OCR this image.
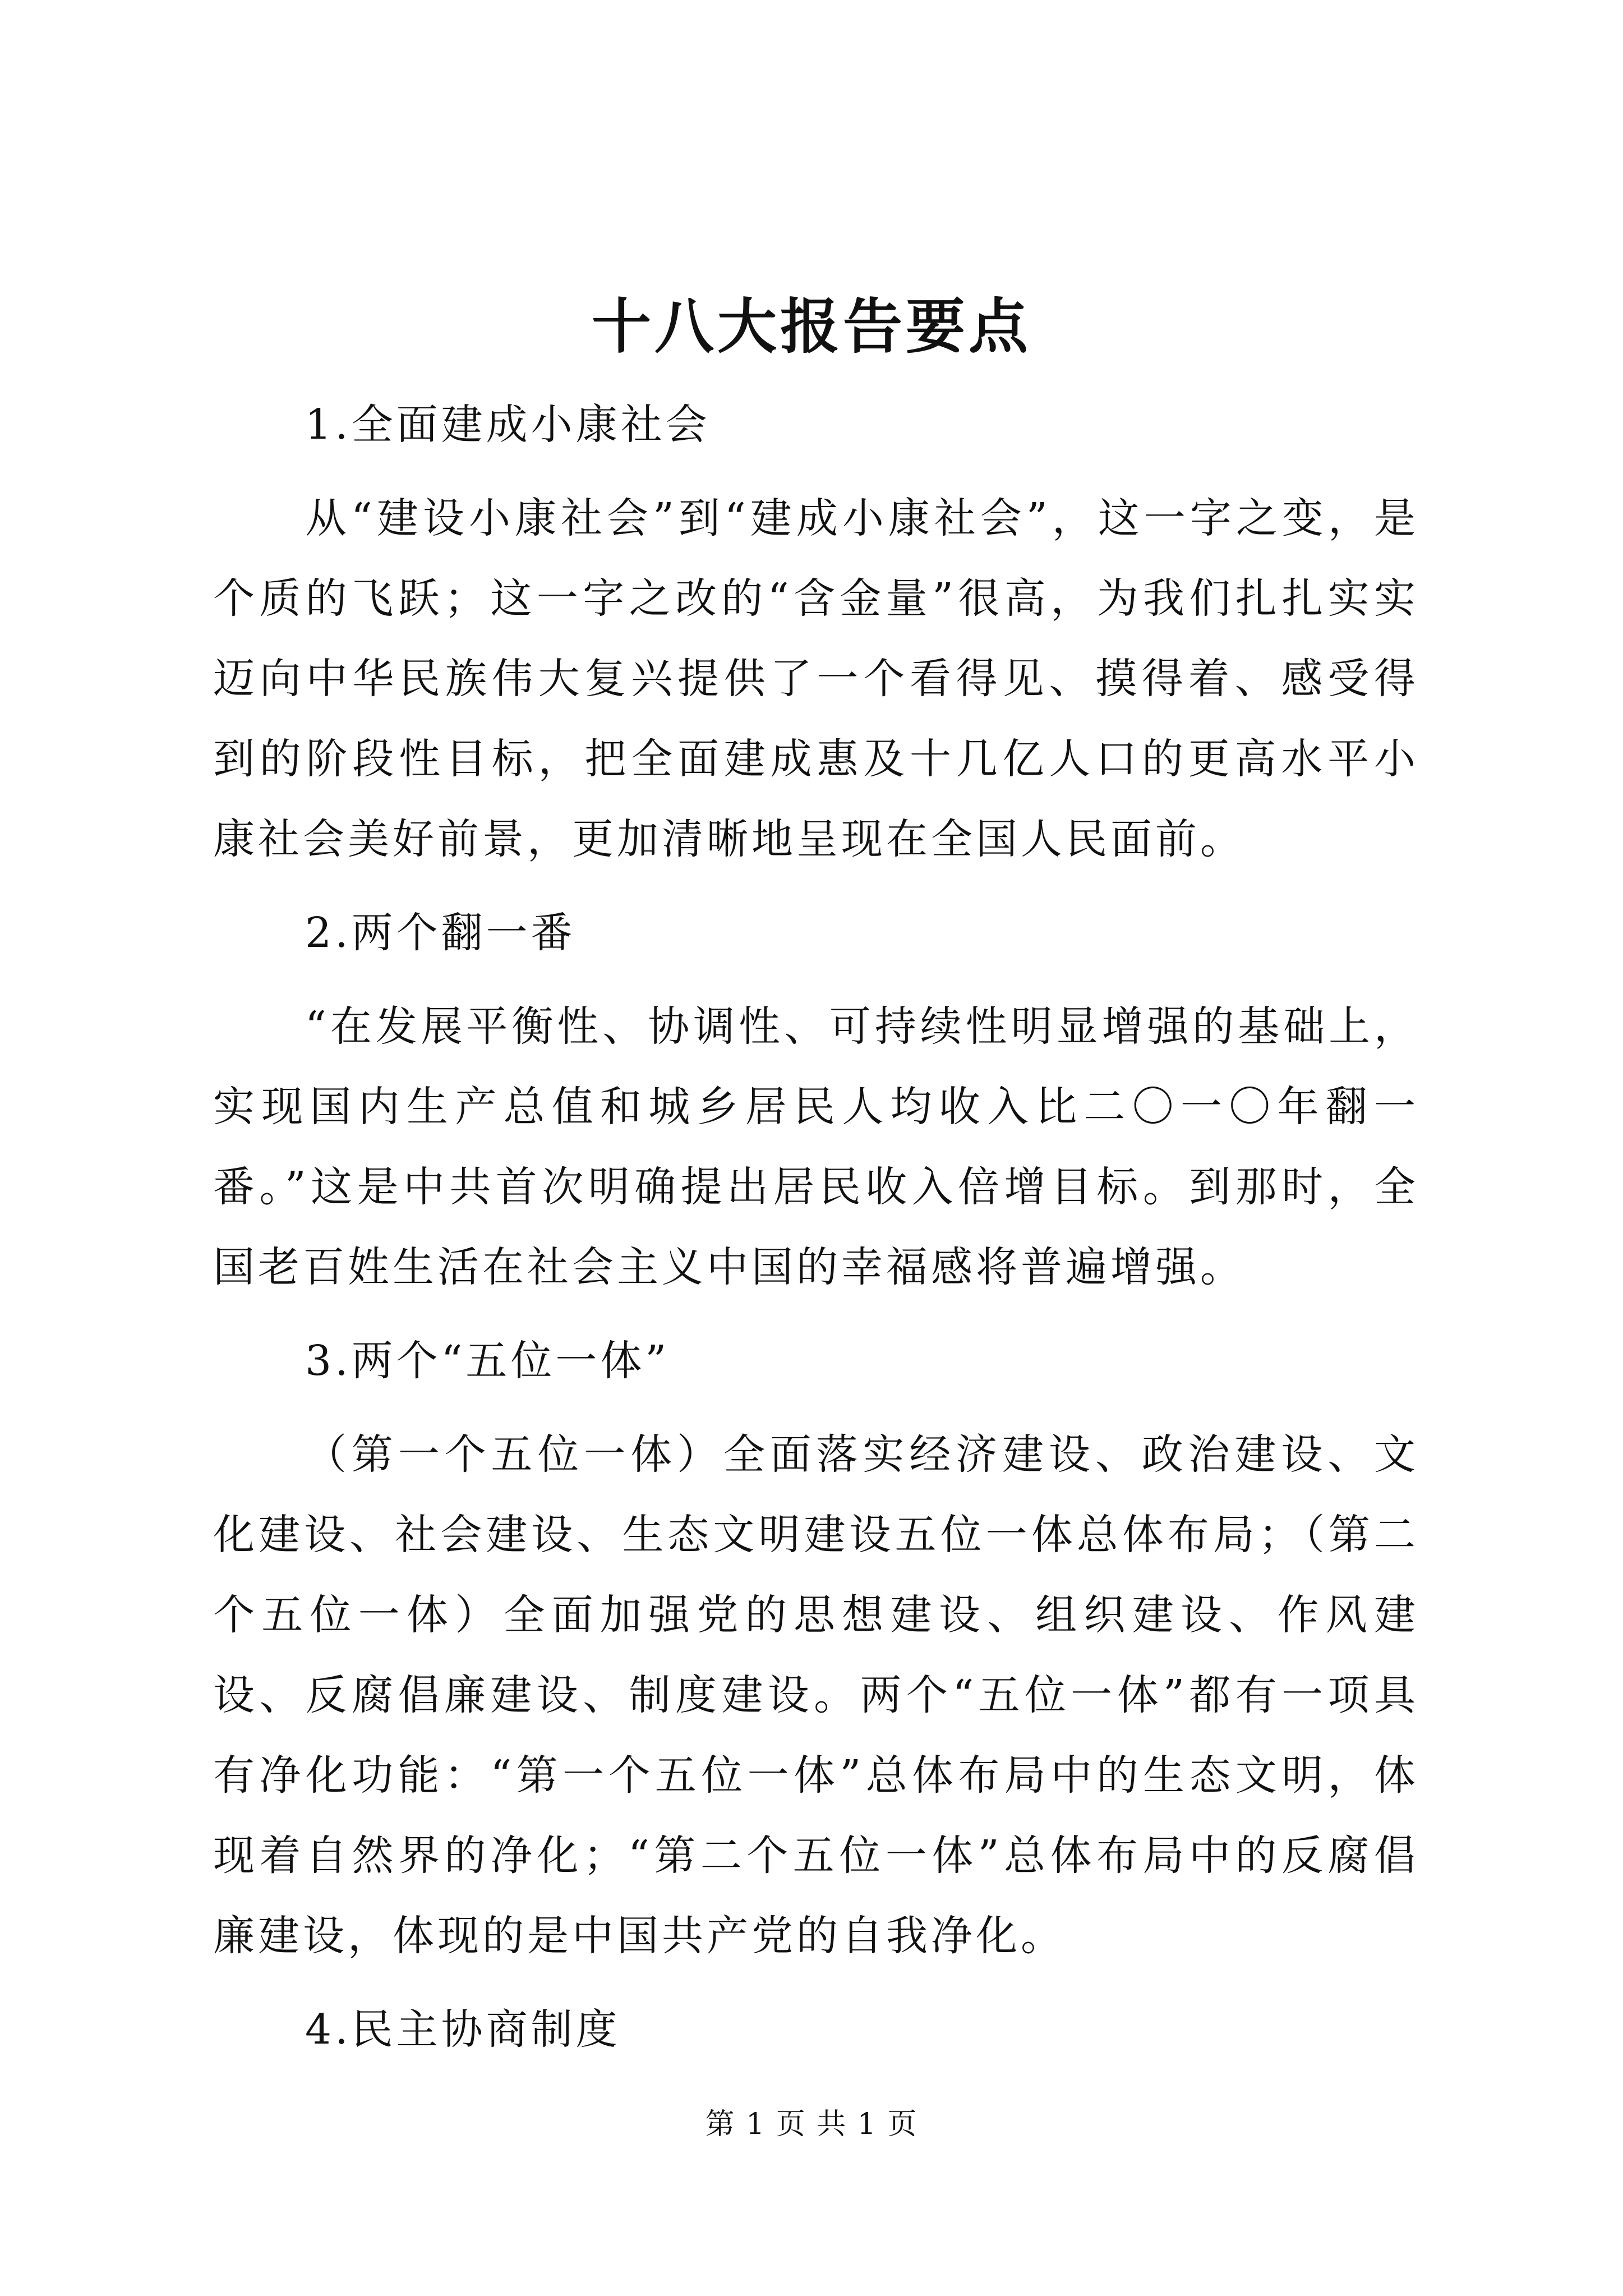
十八大报告要点
1.全面建成小康社会

从“建设小康社会”到“建成小康社会”，这一字之变，是个质的飞跃；这一字之改的“含金量”很高，为我们扎扎实实迈向中华民族伟大复兴提供了一个看得见、摸得着、感受得到的阶段性目标，把全面建成惠及十几亿人口的更高水平小康社会美好前景，更加清晰地呈现在全国人民面前。

2.两个翻一番

“在发展平衡性、协调性、可持续性明显增强的基础上，实现国内生产总值和城乡居民人均收入比二〇一〇年翻一番。”这是中共首次明确提出居民收入倍增目标。到那时，全国老百姓生活在社会主义中国的幸福感将普遍增强。

3.两个“五位一体”

（第一个五位一体）全面落实经济建设、政治建设、文化建设、社会建设、生态文明建设五位一体总体布局；（第二个五位一体）全面加强党的思想建设、组织建设、作风建设、反腐倡廉建设、制度建设。两个“五位一体”都有一项具有净化功能：“第一个五位一体”总体布局中的生态文明，体现着自然界的净化；“第二个五位一体”总体布局中的反腐倡廉建设，体现的是中国共产党的自我净化。

4.民主协商制度
第 1 页 共 1 页
